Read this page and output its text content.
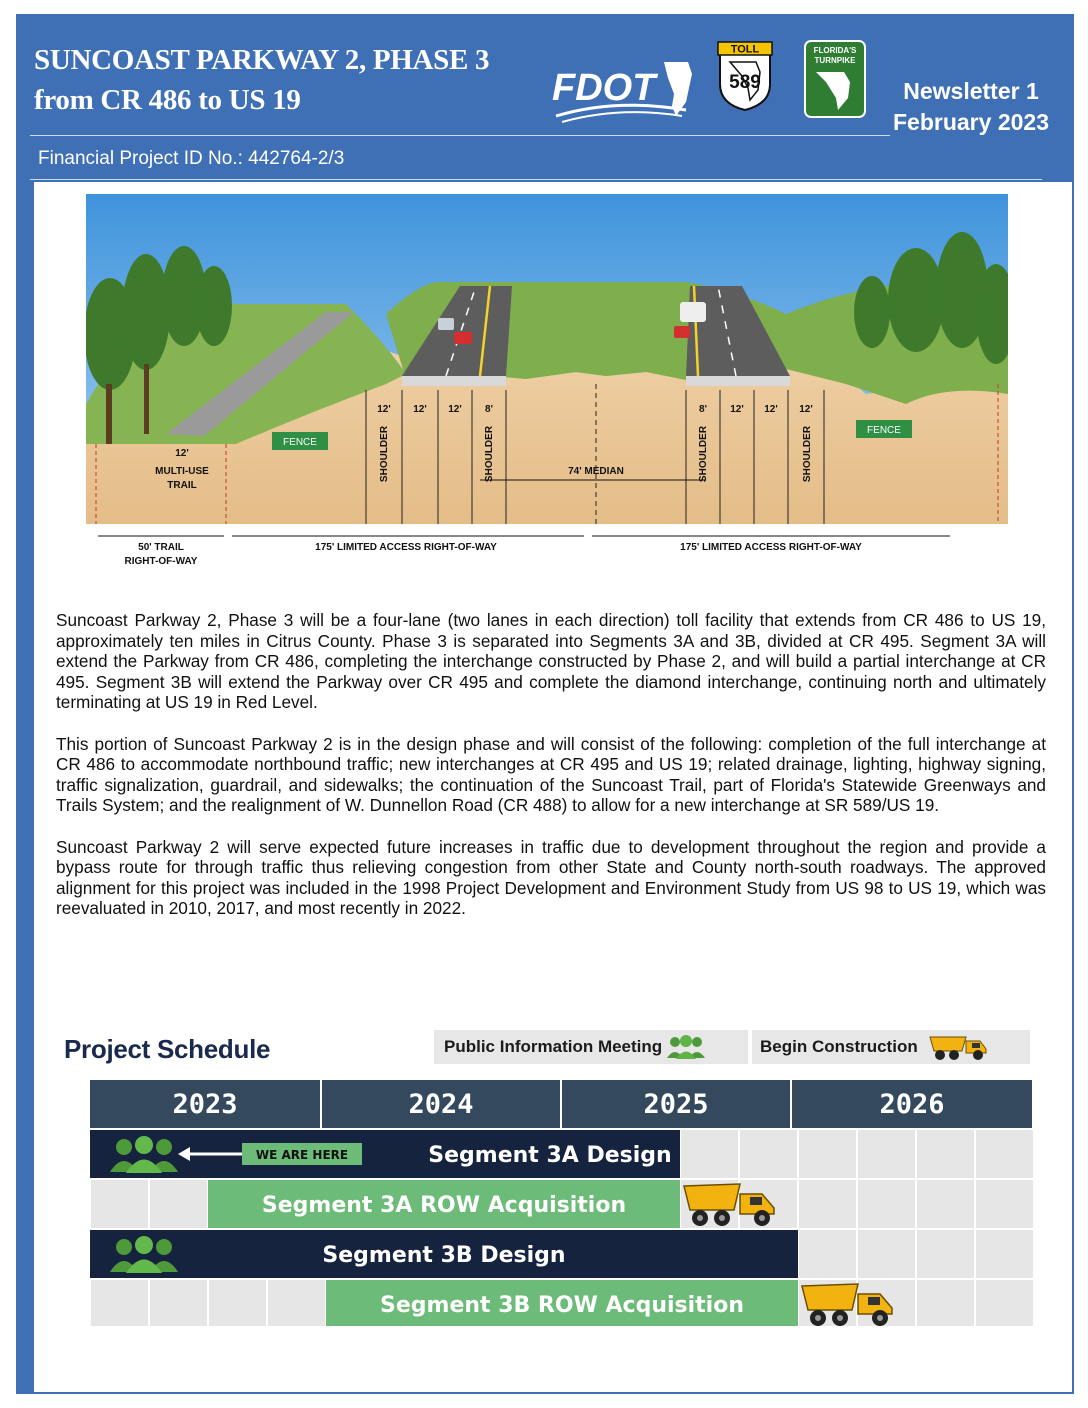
SUNCOAST PARKWAY 2, PHASE 3
from CR 486 to US 19
Financial Project ID No.: 442764-2/3
FDOT
TOLL
589
FLORIDA'S
TURNPIKE
Newsletter 1
February 2023
12' 12' 12' 8'	8' 12' 12' 12'
SHOULDER	SHOULDER	SHOULDER	SHOULDER
74' MEDIAN
12'
MULTI-USE
TRAIL
FENCE
FENCE
50' TRAIL
RIGHT-OF-WAY
175' LIMITED ACCESS RIGHT-OF-WAY	175' LIMITED ACCESS RIGHT-OF-WAY

Suncoast Parkway 2, Phase 3 will be a four-lane (two lanes in each direction) toll facility that extends from CR 486 to US 19, approximately ten miles in Citrus County. Phase 3 is separated into Segments 3A and 3B, divided at CR 495. Segment 3A will extend the Parkway from CR 486, completing the interchange constructed by Phase 2, and will build a partial interchange at CR 495. Segment 3B will extend the Parkway over CR 495 and complete the diamond interchange, continuing north and ultimately terminating at US 19 in Red Level.

This portion of Suncoast Parkway 2 is in the design phase and will consist of the following: completion of the full interchange at CR 486 to accommodate northbound traffic; new interchanges at CR 495 and US 19; related drainage, lighting, highway signing, traffic signalization, guardrail, and sidewalks; the continuation of the Suncoast Trail, part of Florida's Statewide Greenways and Trails System; and the realignment of W. Dunnellon Road (CR 488) to allow for a new interchange at SR 589/US 19.

Suncoast Parkway 2 will serve expected future increases in traffic due to development throughout the region and provide a bypass route for through traffic thus relieving congestion from other State and County north-south roadways. The approved alignment for this project was included in the 1998 Project Development and Environment Study from US 98 to US 19, which was reevaluated in 2010, 2017, and most recently in 2022.

Project Schedule	Public Information Meeting	Begin Construction
2023	2024	2025	2026
Segment 3A Design
WE ARE HERE
Segment 3A ROW Acquisition
Segment 3B Design
Segment 3B ROW Acquisition
